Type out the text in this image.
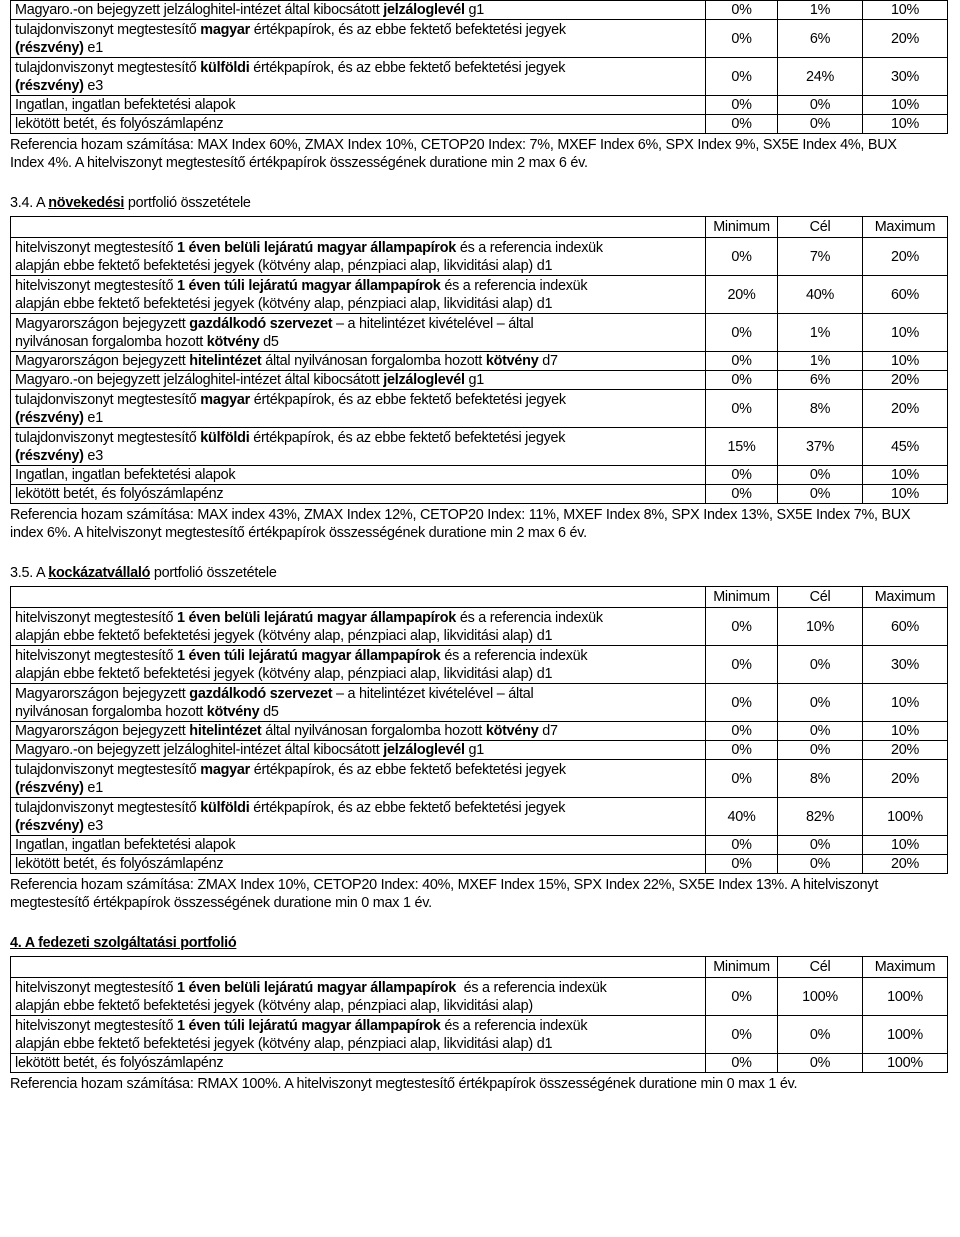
Magyaro.-on bejegyzett jelzáloghitel-intézet által kibocsátott jelzáloglevél g1	0%	1%	10%

tulajdonviszonyt megtestesítő magyar értékpapírok, és az ebbe fektető befektetési jegyek
(részvény) e1	0%	6%	20%

tulajdonviszonyt megtestesítő külföldi értékpapírok, és az ebbe fektető befektetési jegyek
(részvény) e3	0%	24%	30%

Ingatlan, ingatlan befektetési alapok	0%	0%	10%

lekötött betét, és folyószámlapénz	0%	0%	10%

Referencia hozam számítása: MAX Index 60%, ZMAX Index 10%, CETOP20 Index: 7%, MXEF Index 6%, SPX Index 9%, SX5E Index 4%, BUX Index 4%. A hitelviszonyt megtestesítő értékpapírok összességének duratione min 2 max 6 év.

3.4. A növekedési portfolió összetétele

	Minimum	Cél	Maximum

hitelviszonyt megtestesítő 1 éven belüli lejáratú magyar állampapírok és a referencia indexük
alapján ebbe fektető befektetési jegyek (kötvény alap, pénzpiaci alap, likviditási alap) d1	0%	7%	20%

hitelviszonyt megtestesítő 1 éven túli lejáratú magyar állampapírok és a referencia indexük
alapján ebbe fektető befektetési jegyek (kötvény alap, pénzpiaci alap, likviditási alap) d1	20%	40%	60%

Magyarországon bejegyzett gazdálkodó szervezet – a hitelintézet kivételével – által
nyilvánosan forgalomba hozott kötvény d5	0%	1%	10%

Magyarországon bejegyzett hitelintézet által nyilvánosan forgalomba hozott kötvény d7	0%	1%	10%

Magyaro.-on bejegyzett jelzáloghitel-intézet által kibocsátott jelzáloglevél g1	0%	6%	20%

tulajdonviszonyt megtestesítő magyar értékpapírok, és az ebbe fektető befektetési jegyek
(részvény) e1	0%	8%	20%

tulajdonviszonyt megtestesítő külföldi értékpapírok, és az ebbe fektető befektetési jegyek
(részvény) e3	15%	37%	45%

Ingatlan, ingatlan befektetési alapok	0%	0%	10%

lekötött betét, és folyószámlapénz	0%	0%	10%

Referencia hozam számítása: MAX index 43%, ZMAX Index 12%, CETOP20 Index: 11%, MXEF Index 8%, SPX Index 13%, SX5E Index 7%, BUX index 6%. A hitelviszonyt megtestesítő értékpapírok összességének duratione min 2 max 6 év.

3.5. A kockázatvállaló portfolió összetétele

	Minimum	Cél	Maximum

hitelviszonyt megtestesítő 1 éven belüli lejáratú magyar állampapírok és a referencia indexük
alapján ebbe fektető befektetési jegyek (kötvény alap, pénzpiaci alap, likviditási alap) d1	0%	10%	60%

hitelviszonyt megtestesítő 1 éven túli lejáratú magyar állampapírok és a referencia indexük
alapján ebbe fektető befektetési jegyek (kötvény alap, pénzpiaci alap, likviditási alap) d1	0%	0%	30%

Magyarországon bejegyzett gazdálkodó szervezet – a hitelintézet kivételével – által
nyilvánosan forgalomba hozott kötvény d5	0%	0%	10%

Magyarországon bejegyzett hitelintézet által nyilvánosan forgalomba hozott kötvény d7	0%	0%	10%

Magyaro.-on bejegyzett jelzáloghitel-intézet által kibocsátott jelzáloglevél g1	0%	0%	20%

tulajdonviszonyt megtestesítő magyar értékpapírok, és az ebbe fektető befektetési jegyek
(részvény) e1	0%	8%	20%

tulajdonviszonyt megtestesítő külföldi értékpapírok, és az ebbe fektető befektetési jegyek
(részvény) e3	40%	82%	100%

Ingatlan, ingatlan befektetési alapok	0%	0%	10%

lekötött betét, és folyószámlapénz	0%	0%	20%

Referencia hozam számítása: ZMAX Index 10%, CETOP20 Index: 40%, MXEF Index 15%, SPX Index 22%, SX5E Index 13%. A hitelviszonyt megtestesítő értékpapírok összességének duratione min 0 max 1 év.

4. A fedezeti szolgáltatási portfolió

	Minimum	Cél	Maximum

hitelviszonyt megtestesítő 1 éven belüli lejáratú magyar állampapírok  és a referencia indexük
alapján ebbe fektető befektetési jegyek (kötvény alap, pénzpiaci alap, likviditási alap)	0%	100%	100%

hitelviszonyt megtestesítő 1 éven túli lejáratú magyar állampapírok és a referencia indexük
alapján ebbe fektető befektetési jegyek (kötvény alap, pénzpiaci alap, likviditási alap) d1	0%	0%	100%

lekötött betét, és folyószámlapénz	0%	0%	100%

Referencia hozam számítása: RMAX 100%. A hitelviszonyt megtestesítő értékpapírok összességének duratione min 0 max 1 év.
